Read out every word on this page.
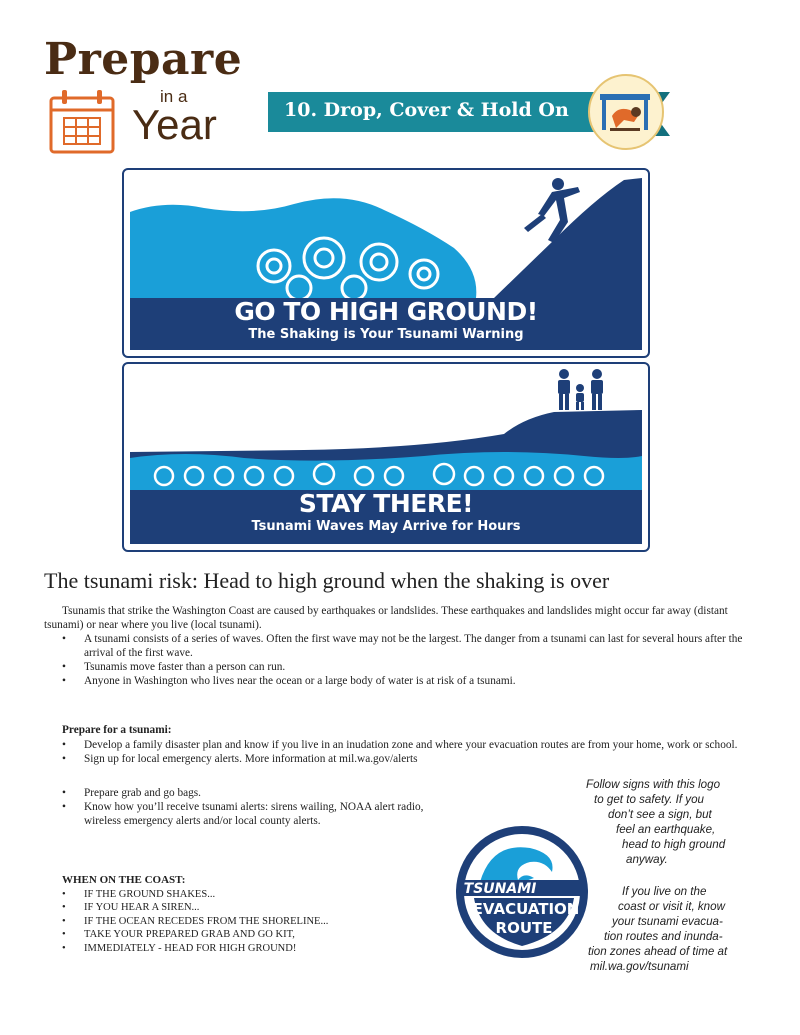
Prepare
in a
Year	10. Drop, Cover & Hold On
GO TO HIGH GROUND!
The Shaking is Your Tsunami Warning
STAY THERE!
Tsunami Waves May Arrive for Hours
The tsunami risk: Head to high ground when the shaking is over
Tsunamis that strike the Washington Coast are caused by earthquakes or landslides. These earthquakes and landslides might occur far away (distant tsunami) or near where you live (local tsunami).
• A tsunami consists of a series of waves. Often the first wave may not be the largest. The danger from a tsunami can last for several hours after the arrival of the first wave.
• Tsunamis move faster than a person can run.
• Anyone in Washington who lives near the ocean or a large body of water is at risk of a tsunami.
Prepare for a tsunami:
• Develop a family disaster plan and know if you live in an inudation zone and where your evacuation routes are from your home, work or school.
• Sign up for local emergency alerts. More information at mil.wa.gov/alerts
• Prepare grab and go bags.
• Know how you’ll receive tsunami alerts: sirens wailing, NOAA alert radio, wireless emergency alerts and/or local county alerts.
WHEN ON THE COAST:
• IF THE GROUND SHAKES...
• IF YOU HEAR A SIREN...
• IF THE OCEAN RECEDES FROM THE SHORELINE...
• TAKE YOUR PREPARED GRAB AND GO KIT,
• IMMEDIATELY - HEAD FOR HIGH GROUND!
TSUNAMI
EVACUATION
ROUTE
Follow signs with this logo
to get to safety. If you
don’t see a sign, but
feel an earthquake,
head to high ground
anyway.
If you live on the
coast or visit it, know
your tsunami evacua-
tion routes and inunda-
tion zones ahead of time at
mil.wa.gov/tsunami
